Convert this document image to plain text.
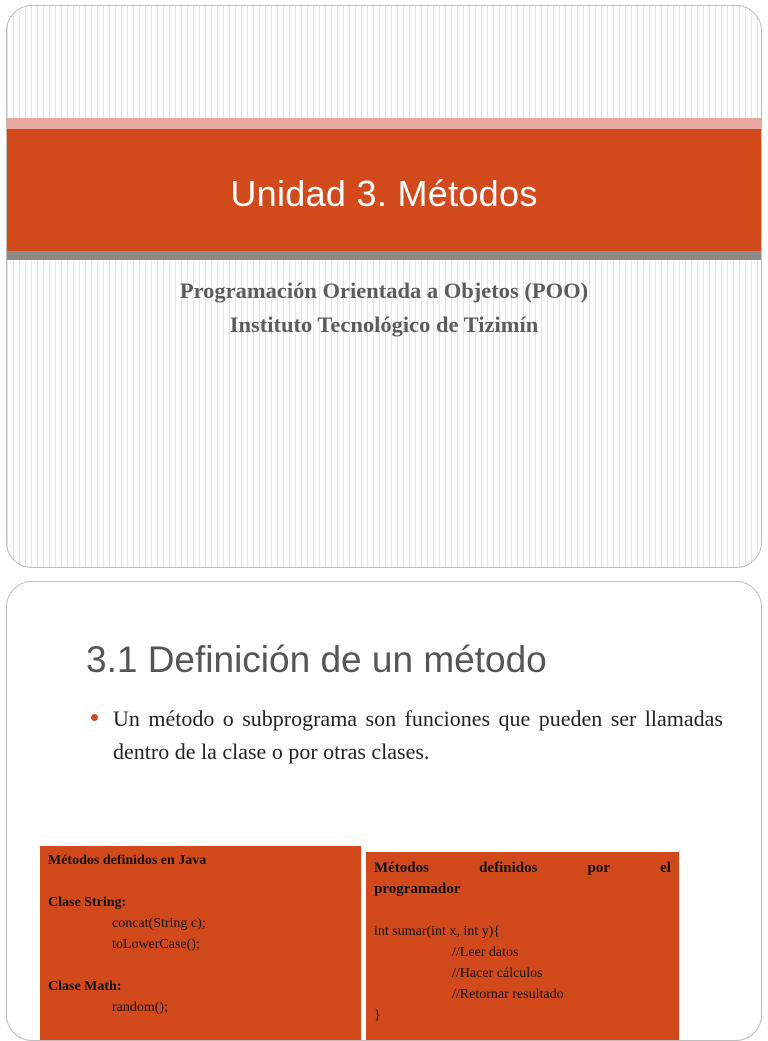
Unidad 3. Métodos
Programación Orientada a Objetos (POO)
Instituto Tecnológico de Tizimín
3.1 Definición de un método
Un método o subprograma son funciones que pueden ser llamadas dentro de la clase o por otras clases.
Métodos definidos en Java
Clase String:
concat(String c);
toLowerCase();
Clase Math:
random();
Métodos	definidos	por	el
programador
int sumar(int x, int y){
//Leer datos
//Hacer cálculos
//Retornar resultado
}
